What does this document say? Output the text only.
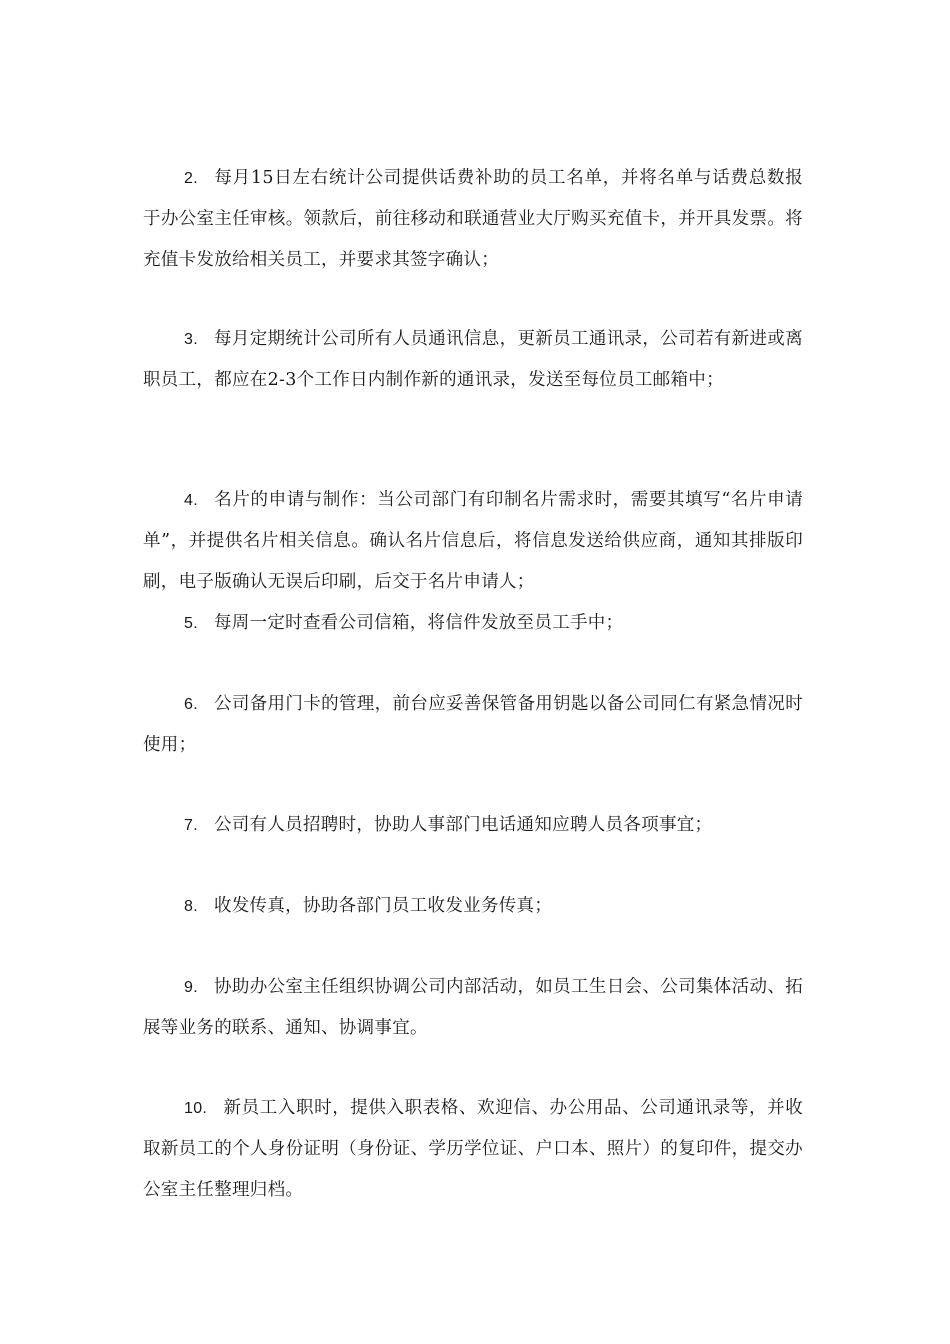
2. 每月15日左右统计公司提供话费补助的员工名单，并将名单与话费总数报于办公室主任审核。领款后，前往移动和联通营业大厅购买充值卡，并开具发票。将充值卡发放给相关员工，并要求其签字确认；

3. 每月定期统计公司所有人员通讯信息，更新员工通讯录，公司若有新进或离职员工，都应在2-3个工作日内制作新的通讯录，发送至每位员工邮箱中；

4. 名片的申请与制作：当公司部门有印制名片需求时，需要其填写“名片申请单”，并提供名片相关信息。确认名片信息后，将信息发送给供应商，通知其排版印刷，电子版确认无误后印刷，后交于名片申请人；

5. 每周一定时查看公司信箱，将信件发放至员工手中；

6. 公司备用门卡的管理，前台应妥善保管备用钥匙以备公司同仁有紧急情况时使用；

7. 公司有人员招聘时，协助人事部门电话通知应聘人员各项事宜；

8. 收发传真，协助各部门员工收发业务传真；

9. 协助办公室主任组织协调公司内部活动，如员工生日会、公司集体活动、拓展等业务的联系、通知、协调事宜。

10. 新员工入职时，提供入职表格、欢迎信、办公用品、公司通讯录等，并收取新员工的个人身份证明（身份证、学历学位证、户口本、照片）的复印件，提交办公室主任整理归档。
